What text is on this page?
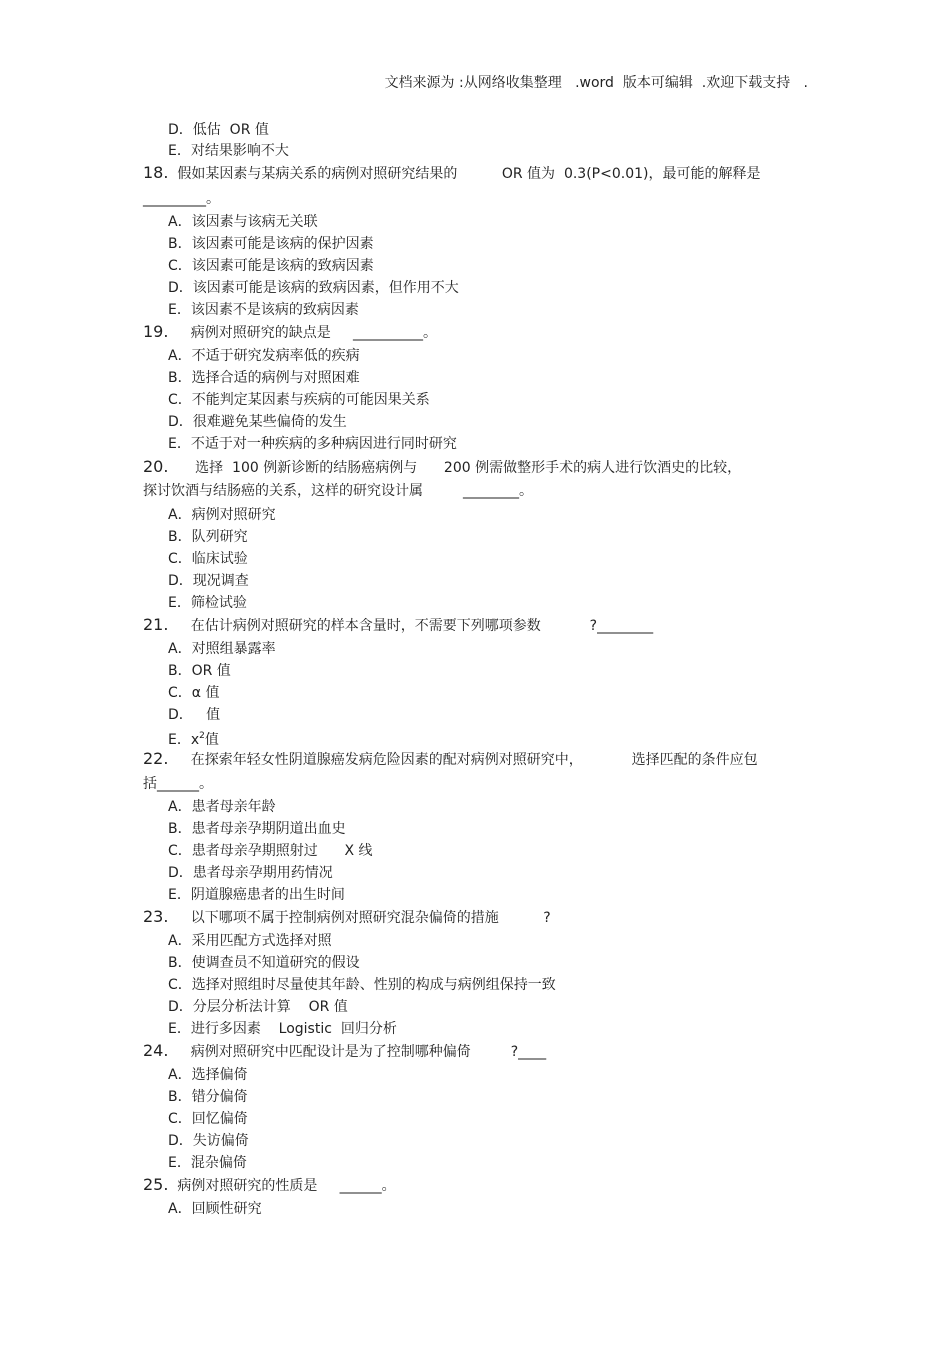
文档来源为 :从网络收集整理   .word  版本可编辑  .欢迎下载支持   .
D．低估  OR 值
E．对结果影响不大
18.  假如某因素与某病关系的病例对照研究结果的          OR 值为  0.3(P<0.01)，最可能的解释是
_________。
A．该因素与该病无关联
B．该因素可能是该病的保护因素
C．该因素可能是该病的致病因素
D．该因素可能是该病的致病因素，但作用不大
E．该因素不是该病的致病因素
19.     病例对照研究的缺点是     __________。
A．不适于研究发病率低的疾病
B．选择合适的病例与对照困难
C．不能判定某因素与疾病的可能因果关系
D．很难避免某些偏倚的发生
E．不适于对一种疾病的多种病因进行同时研究
20.      选择  100 例新诊断的结肠癌病例与      200 例需做整形手术的病人进行饮酒史的比较，
探讨饮酒与结肠癌的关系，这样的研究设计属         ________。
A．病例对照研究
B．队列研究
C．临床试验
D．现况调查
E．筛检试验
21.     在估计病例对照研究的样本含量时，不需要下列哪项参数           ?________
A．对照组暴露率
B．OR 值
C．α 值
D．   值
E．$x^2$值
22.     在探索年轻女性阴道腺癌发病危险因素的配对病例对照研究中，           选择匹配的条件应包
括______。
A．患者母亲年龄
B．患者母亲孕期阴道出血史
C．患者母亲孕期照射过      X 线
D．患者母亲孕期用药情况
E．阴道腺癌患者的出生时间
23.     以下哪项不属于控制病例对照研究混杂偏倚的措施          ?
A．采用匹配方式选择对照
B．使调查员不知道研究的假设
C．选择对照组时尽量使其年龄、性别的构成与病例组保持一致
D．分层分析法计算    OR 值
E．进行多因素    Logistic  回归分析
24.     病例对照研究中匹配设计是为了控制哪种偏倚         ?____
A．选择偏倚
B．错分偏倚
C．回忆偏倚
D．失访偏倚
E．混杂偏倚
25.  病例对照研究的性质是     ______。
A．回顾性研究
